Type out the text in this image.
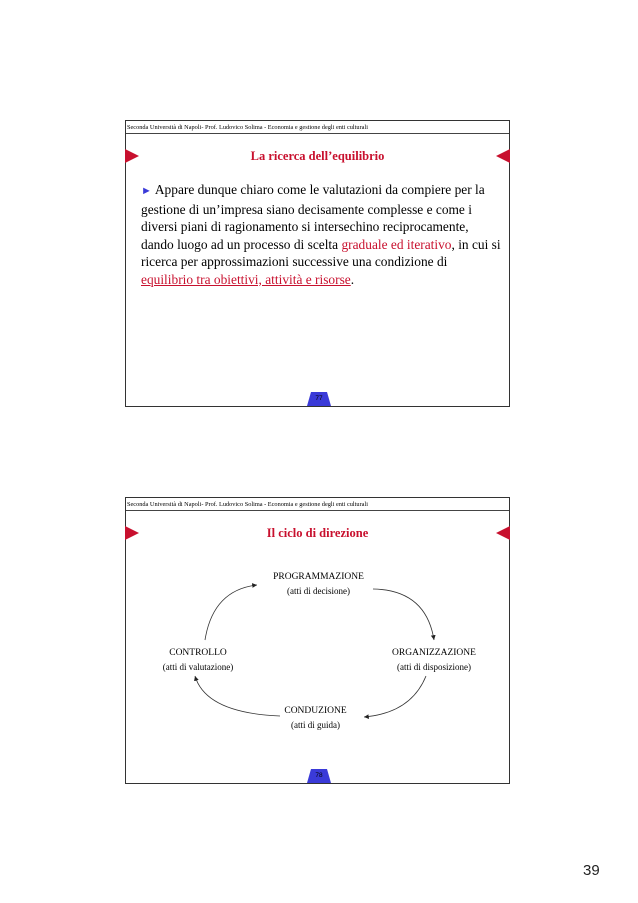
Seconda Università di Napoli- Prof. Ludovico Solima - Economia e gestione degli enti culturali
La ricerca dell’equilibrio
► Appare dunque chiaro come le valutazioni da compiere per la gestione di un’impresa siano decisamente complesse e come i diversi piani di ragionamento si intersechino reciprocamente, dando luogo ad un processo di scelta graduale ed iterativo, in cui si ricerca per approssimazioni successive una condizione di equilibrio tra obiettivi, attività e risorse.
77
Seconda Università di Napoli- Prof. Ludovico Solima - Economia e gestione degli enti culturali
Il ciclo di direzione
PROGRAMMAZIONE
(atti di decisione)
ORGANIZZAZIONE
(atti di disposizione)
CONTROLLO
(atti di valutazione)
CONDUZIONE
(atti di guida)
78
39
